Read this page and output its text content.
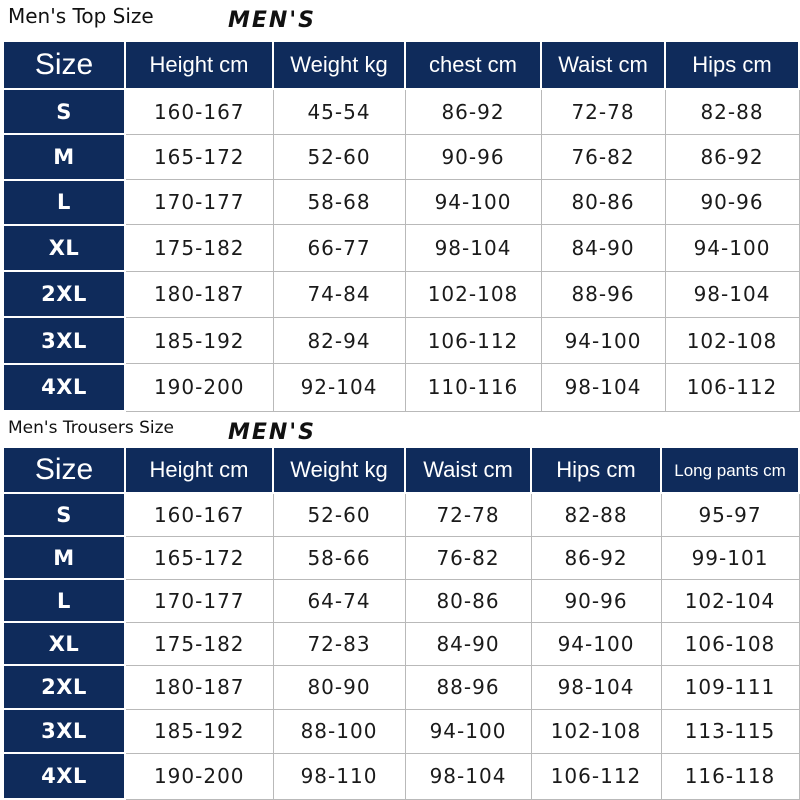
Men's Top Size	MEN'S
Size	Height cm	Weight kg	chest cm	Waist cm	Hips cm
S	160-167	45-54	86-92	72-78	82-88
M	165-172	52-60	90-96	76-82	86-92
L	170-177	58-68	94-100	80-86	90-96
XL	175-182	66-77	98-104	84-90	94-100
2XL	180-187	74-84	102-108	88-96	98-104
3XL	185-192	82-94	106-112	94-100	102-108
4XL	190-200	92-104	110-116	98-104	106-112
Men's Trousers Size MEN'S
Size	Height cm	Weight kg	Waist cm	Hips cm	Long pants cm
S	160-167	52-60	72-78	82-88	95-97
M	165-172	58-66	76-82	86-92	99-101
L	170-177	64-74	80-86	90-96	102-104
XL	175-182	72-83	84-90	94-100	106-108
2XL	180-187	80-90	88-96	98-104	109-111
3XL	185-192	88-100	94-100	102-108	113-115
4XL	190-200	98-110	98-104	106-112	116-118
